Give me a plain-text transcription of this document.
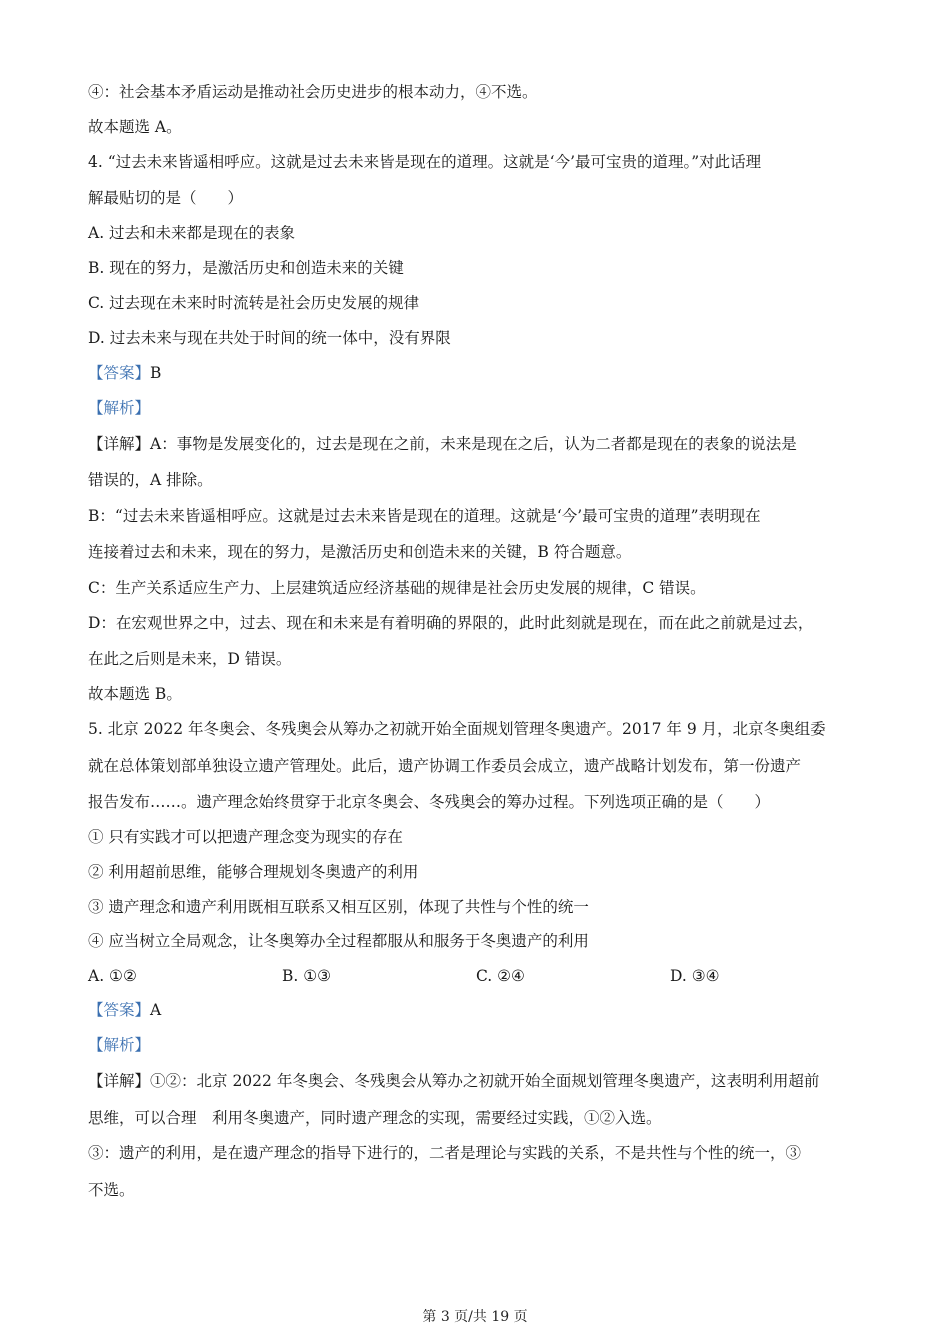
④：社会基本矛盾运动是推动社会历史进步的根本动力，④不选。
故本题选 A。
4. “过去未来皆遥相呼应。这就是过去未来皆是现在的道理。这就是‘今’最可宝贵的道理。”对此话理
解最贴切的是（　　）
A. 过去和未来都是现在的表象
B. 现在的努力，是激活历史和创造未来的关键
C. 过去现在未来时时流转是社会历史发展的规律
D. 过去未来与现在共处于时间的统一体中，没有界限
【答案】B
【解析】
【详解】A：事物是发展变化的，过去是现在之前，未来是现在之后，认为二者都是现在的表象的说法是
错误的，A 排除。
B：“过去未来皆遥相呼应。这就是过去未来皆是现在的道理。这就是‘今’最可宝贵的道理”表明现在
连接着过去和未来，现在的努力，是激活历史和创造未来的关键，B 符合题意。
C：生产关系适应生产力、上层建筑适应经济基础的规律是社会历史发展的规律，C 错误。
D：在宏观世界之中，过去、现在和未来是有着明确的界限的，此时此刻就是现在，而在此之前就是过去，
在此之后则是未来，D 错误。
故本题选 B。
5. 北京 2022 年冬奥会、冬残奥会从筹办之初就开始全面规划管理冬奥遗产。2017 年 9 月，北京冬奥组委
就在总体策划部单独设立遗产管理处。此后，遗产协调工作委员会成立，遗产战略计划发布，第一份遗产
报告发布……。遗产理念始终贯穿于北京冬奥会、冬残奥会的筹办过程。下列选项正确的是（　　）
① 只有实践才可以把遗产理念变为现实的存在
② 利用超前思维，能够合理规划冬奥遗产的利用
③ 遗产理念和遗产利用既相互联系又相互区别，体现了共性与个性的统一
④ 应当树立全局观念，让冬奥筹办全过程都服从和服务于冬奥遗产的利用
A. ①②	B. ①③	C. ②④	D. ③④
【答案】A
【解析】
【详解】①②：北京 2022 年冬奥会、冬残奥会从筹办之初就开始全面规划管理冬奥遗产，这表明利用超前
思维，可以合理　利用冬奥遗产，同时遗产理念的实现，需要经过实践，①②入选。
③：遗产的利用，是在遗产理念的指导下进行的，二者是理论与实践的关系，不是共性与个性的统一，③
不选。
第 3 页/共 19 页
